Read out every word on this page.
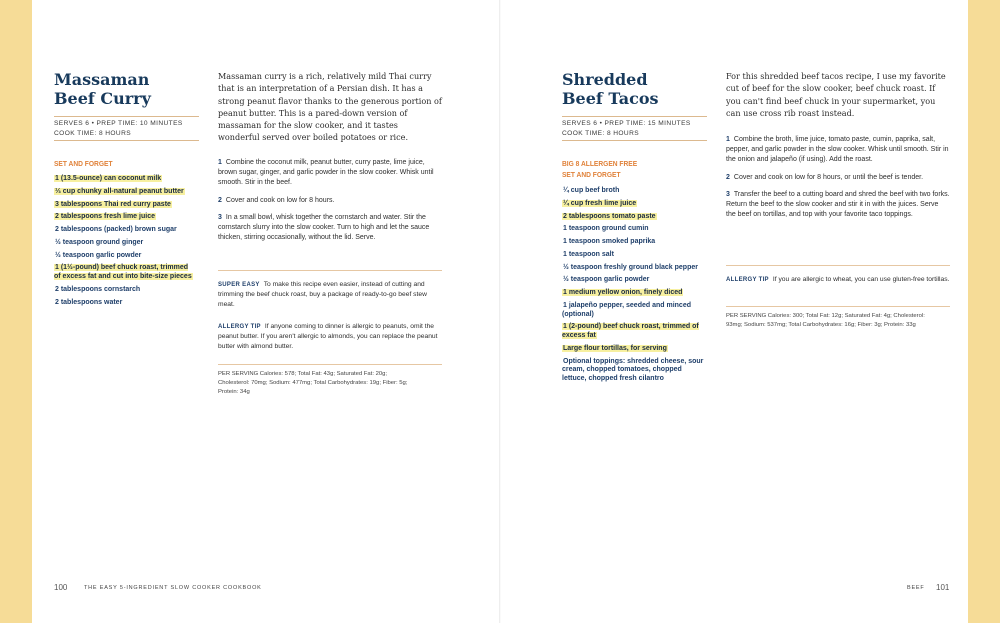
Massaman
Beef Curry
SERVES 6 • PREP TIME: 10 MINUTES
COOK TIME: 8 HOURS
SET AND FORGET
1 (13.5-ounce) can coconut milk
⅓ cup chunky all-natural peanut butter
3 tablespoons Thai red curry paste
2 tablespoons fresh lime juice
2 tablespoons (packed) brown sugar
½ teaspoon ground ginger
½ teaspoon garlic powder
1 (1½-pound) beef chuck roast, trimmed of excess fat and cut into bite-size pieces
2 tablespoons cornstarch
2 tablespoons water

Massaman curry is a rich, relatively mild Thai curry that is an interpretation of a Persian dish. It has a strong peanut flavor thanks to the generous portion of peanut butter. This is a pared-down version of massaman for the slow cooker, and it tastes wonderful served over boiled potatoes or rice.

1 Combine the coconut milk, peanut butter, curry paste, lime juice, brown sugar, ginger, and garlic powder in the slow cooker. Whisk until smooth. Stir in the beef.
2 Cover and cook on low for 8 hours.
3 In a small bowl, whisk together the cornstarch and water. Stir the cornstarch slurry into the slow cooker. Turn to high and let the sauce thicken, stirring occasionally, without the lid. Serve.

SUPER EASY To make this recipe even easier, instead of cutting and trimming the beef chuck roast, buy a package of ready-to-go beef stew meat.

ALLERGY TIP If anyone coming to dinner is allergic to peanuts, omit the peanut butter. If you aren't allergic to almonds, you can replace the peanut butter with almond butter.

PER SERVING Calories: 578; Total Fat: 43g; Saturated Fat: 20g; Cholesterol: 70mg; Sodium: 477mg; Total Carbohydrates: 19g; Fiber: 5g; Protein: 34g

Shredded
Beef Tacos
SERVES 6 • PREP TIME: 15 MINUTES
COOK TIME: 8 HOURS
BIG 8 ALLERGEN FREE
SET AND FORGET
¼ cup beef broth
¼ cup fresh lime juice
2 tablespoons tomato paste
1 teaspoon ground cumin
1 teaspoon smoked paprika
1 teaspoon salt
½ teaspoon freshly ground black pepper
½ teaspoon garlic powder
1 medium yellow onion, finely diced
1 jalapeño pepper, seeded and minced (optional)
1 (2-pound) beef chuck roast, trimmed of excess fat
Large flour tortillas, for serving
Optional toppings: shredded cheese, sour cream, chopped tomatoes, chopped lettuce, chopped fresh cilantro

For this shredded beef tacos recipe, I use my favorite cut of beef for the slow cooker, beef chuck roast. If you can't find beef chuck in your supermarket, you can use cross rib roast instead.

1 Combine the broth, lime juice, tomato paste, cumin, paprika, salt, pepper, and garlic powder in the slow cooker. Whisk until smooth. Stir in the onion and jalapeño (if using). Add the roast.
2 Cover and cook on low for 8 hours, or until the beef is tender.
3 Transfer the beef to a cutting board and shred the beef with two forks. Return the beef to the slow cooker and stir it in with the juices. Serve the beef on tortillas, and top with your favorite taco toppings.

ALLERGY TIP If you are allergic to wheat, you can use gluten-free tortillas.

PER SERVING Calories: 300; Total Fat: 12g; Saturated Fat: 4g; Cholesterol: 93mg; Sodium: 537mg; Total Carbohydrates: 16g; Fiber: 3g; Protein: 33g

100	THE EASY 5-INGREDIENT SLOW COOKER COOKBOOK	BEEF 101
